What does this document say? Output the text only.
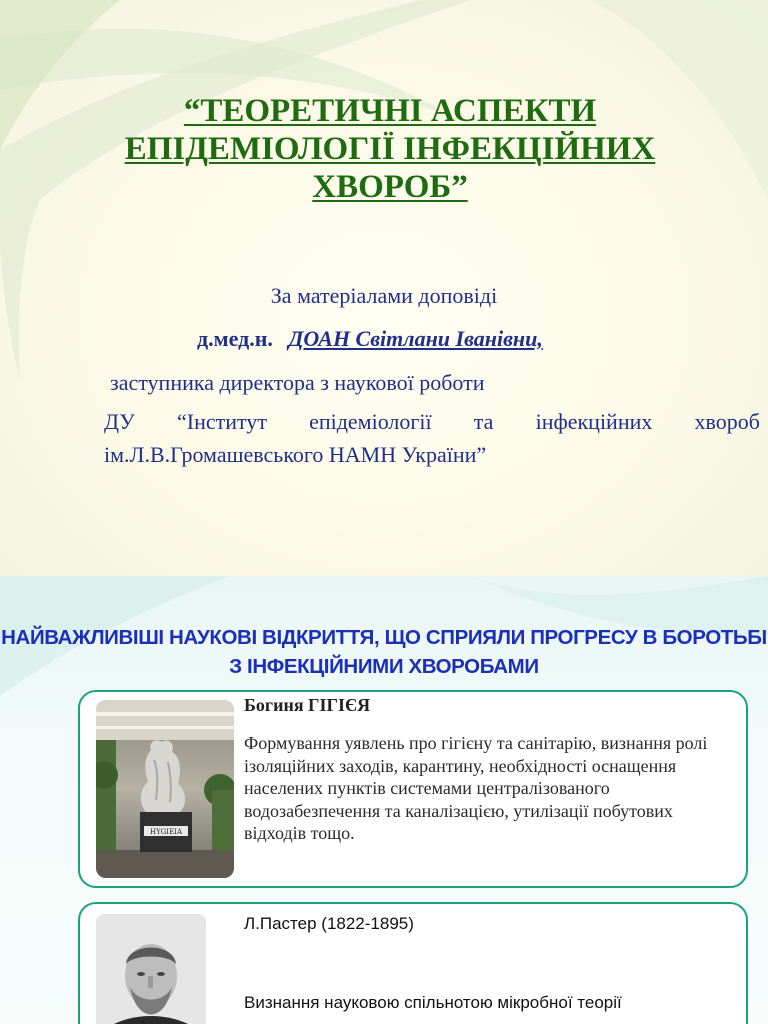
“ТЕОРЕТИЧНІ АСПЕКТИ ЕПІДЕМІОЛОГІЇ ІНФЕКЦІЙНИХ ХВОРОБ”
За матеріалами доповіді
д.мед.н. ДОАН Світлани Іванівни,
заступника директора з наукової роботи
ДУ “Інститут епідеміології та інфекційних хвороб
ім.Л.В.Громашевського НАМН України”
НАЙВАЖЛИВІШІ НАУКОВІ ВІДКРИТТЯ, ЩО СПРИЯЛИ ПРОГРЕСУ В БОРОТЬБІ З ІНФЕКЦІЙНИМИ ХВОРОБАМИ
HYGIEIA
Богиня ГІГІЄЯ

Формування уявлень про гігієну та санітарію, визнання ролі ізоляційних заходів, карантину, необхідності оснащення населених пунктів системами централізованого водозабезпечення та каналізацією, утилізації побутових відходів тощо.

Л.Пастер (1822-1895)

Визнання науковою спільнотою мікробної теорії
